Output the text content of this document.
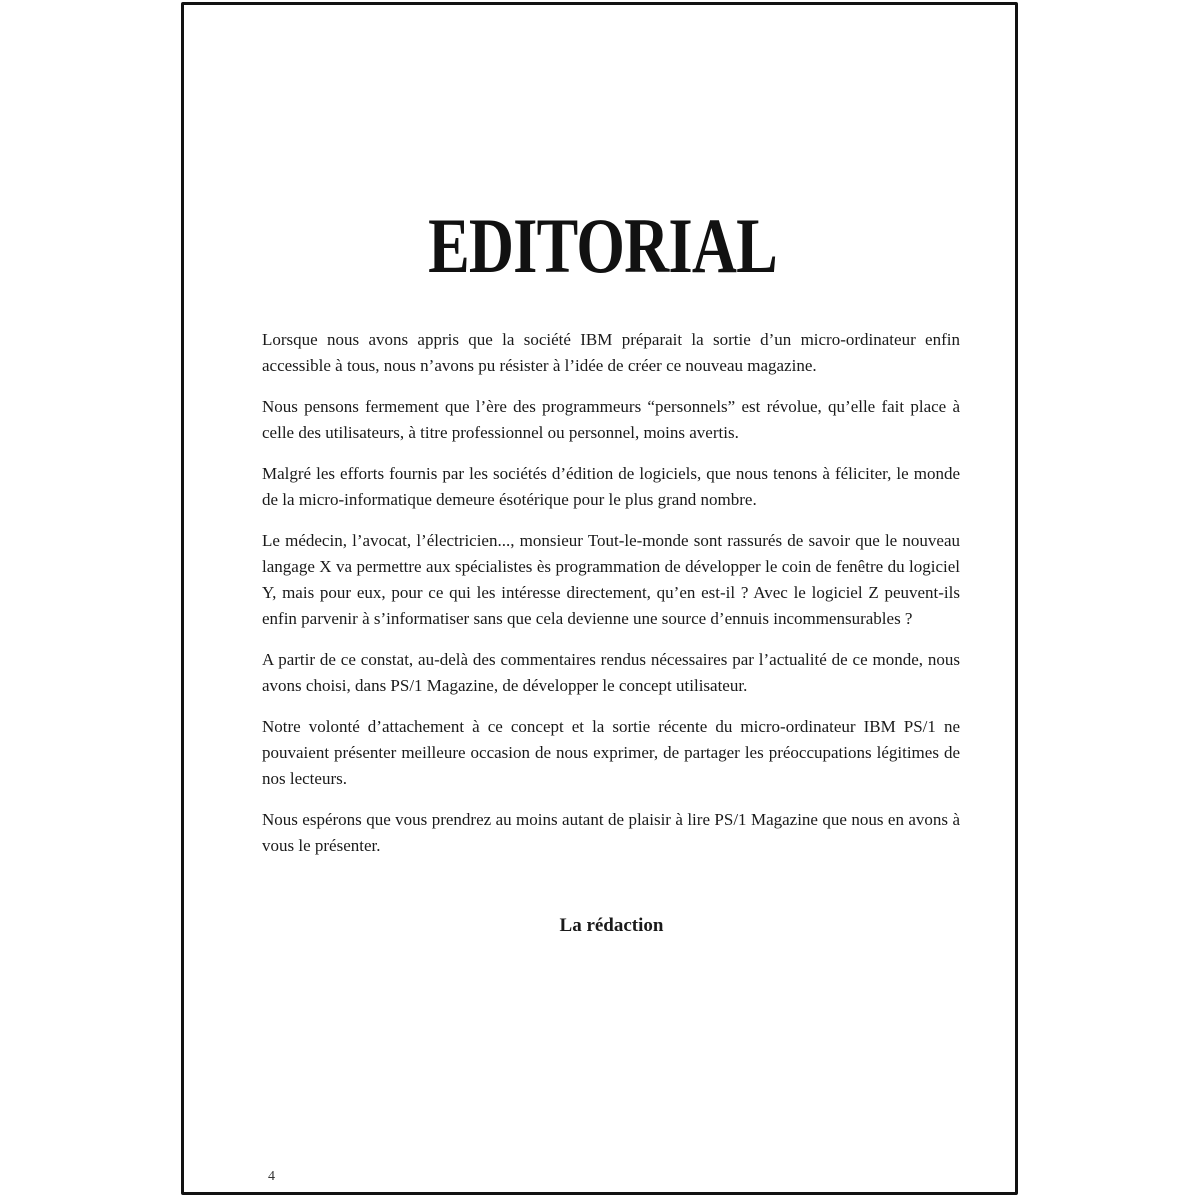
EDITORIAL

Lorsque nous avons appris que la société IBM préparait la sortie d’un micro-ordinateur enfin accessible à tous, nous n’avons pu résister à l’idée de créer ce nouveau magazine.

Nous pensons fermement que l’ère des programmeurs “personnels” est révolue, qu’elle fait place à celle des utilisateurs, à titre professionnel ou personnel, moins avertis.

Malgré les efforts fournis par les sociétés d’édition de logiciels, que nous tenons à féliciter, le monde de la micro-informatique demeure ésotérique pour le plus grand nombre.

Le médecin, l’avocat, l’électricien..., monsieur Tout-le-monde sont rassurés de savoir que le nouveau langage X va permettre aux spécialistes ès programmation de développer le coin de fenêtre du logiciel Y, mais pour eux, pour ce qui les intéresse directement, qu’en est-il ? Avec le logiciel Z peuvent-ils enfin parvenir à s’informatiser sans que cela devienne une source d’ennuis incommensurables ?

A partir de ce constat, au-delà des commentaires rendus nécessaires par l’actualité de ce monde, nous avons choisi, dans PS/1 Magazine, de développer le concept utilisateur.

Notre volonté d’attachement à ce concept et la sortie récente du micro-ordinateur IBM PS/1 ne pouvaient présenter meilleure occasion de nous exprimer, de partager les préoccupations légitimes de nos lecteurs.

Nous espérons que vous prendrez au moins autant de plaisir à lire PS/1 Magazine que nous en avons à vous le présenter.

La rédaction
4
